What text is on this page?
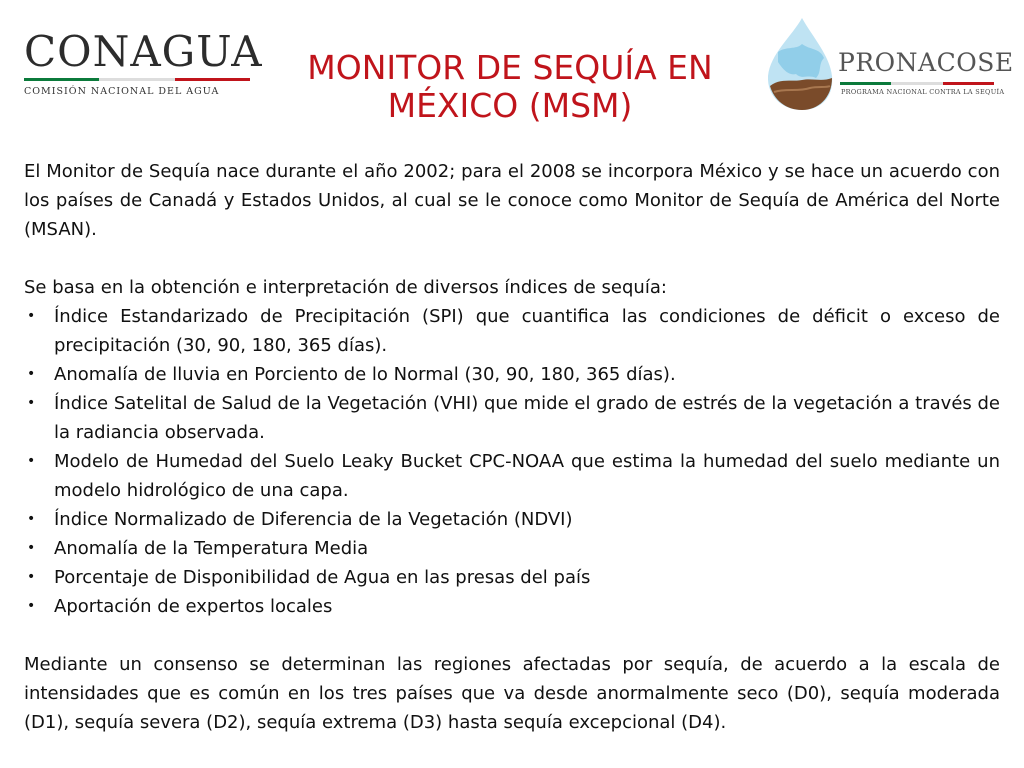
CONAGUA
COMISIÓN NACIONAL DEL AGUA
MONITOR DE SEQUÍA EN
MÉXICO (MSM)
PRONACOSE
PROGRAMA NACIONAL CONTRA LA SEQUÍA

El Monitor de Sequía nace durante el año 2002; para el 2008 se incorpora México y se hace un acuerdo con los países de Canadá y Estados Unidos, al cual se le conoce como Monitor de Sequía de América del Norte (MSAN).

Se basa en la obtención e interpretación de diversos índices de sequía:

• Índice Estandarizado de Precipitación (SPI) que cuantifica las condiciones de déficit o exceso de precipitación (30, 90, 180, 365 días).
• Anomalía de lluvia en Porciento de lo Normal (30, 90, 180, 365 días).
• Índice Satelital de Salud de la Vegetación (VHI) que mide el grado de estrés de la vegetación a través de la radiancia observada.
• Modelo de Humedad del Suelo Leaky Bucket CPC-NOAA que estima la humedad del suelo mediante un modelo hidrológico de una capa.
• Índice Normalizado de Diferencia de la Vegetación (NDVI)
• Anomalía de la Temperatura Media
• Porcentaje de Disponibilidad de Agua en las presas del país
• Aportación de expertos locales

Mediante un consenso se determinan las regiones afectadas por sequía, de acuerdo a la escala de intensidades que es común en los tres países que va desde anormalmente seco (D0), sequía moderada (D1), sequía severa (D2), sequía extrema (D3) hasta sequía excepcional (D4).
